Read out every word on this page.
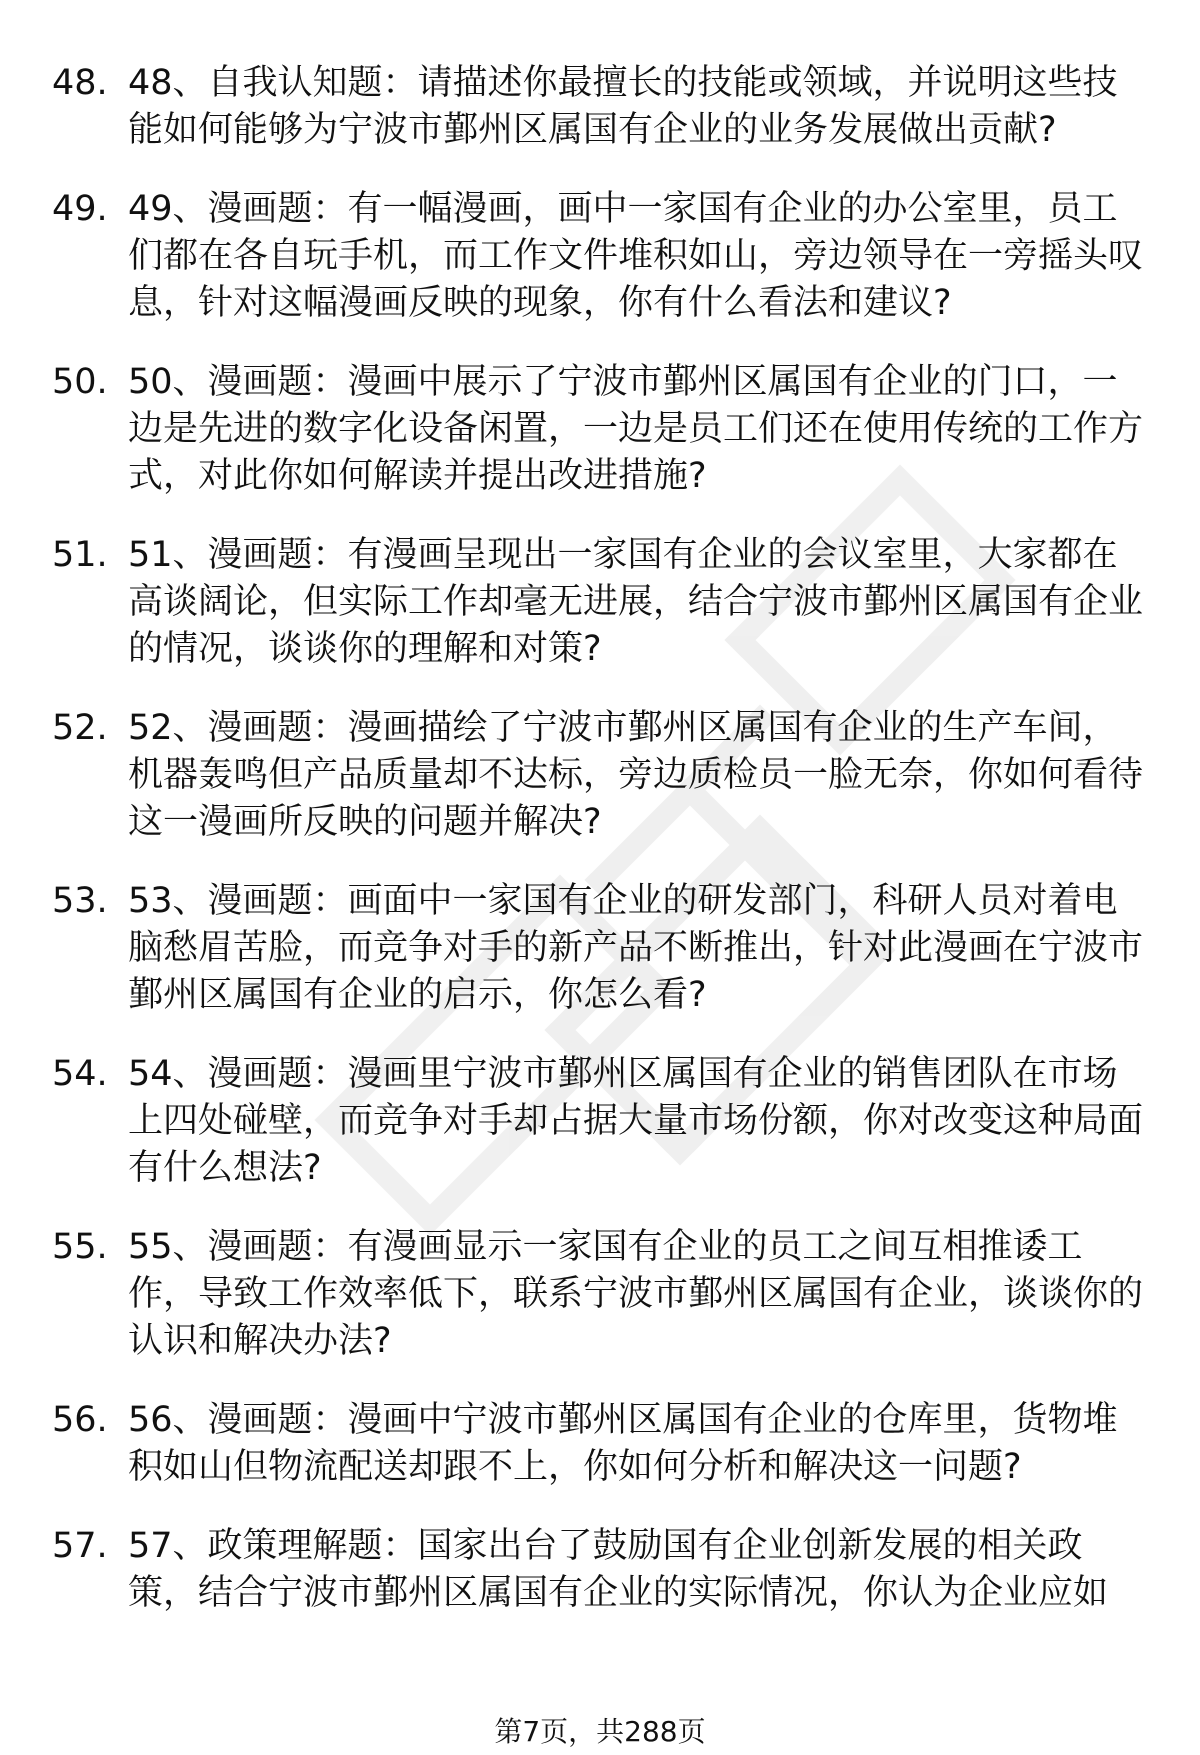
48. 48、自我认知题：请描述你最擅长的技能或领域，并说明这些技能如何能够为宁波市鄞州区属国有企业的业务发展做出贡献?
49. 49、漫画题：有一幅漫画，画中一家国有企业的办公室里，员工们都在各自玩手机，而工作文件堆积如山，旁边领导在一旁摇头叹息，针对这幅漫画反映的现象，你有什么看法和建议?
50. 50、漫画题：漫画中展示了宁波市鄞州区属国有企业的门口，一边是先进的数字化设备闲置，一边是员工们还在使用传统的工作方式，对此你如何解读并提出改进措施?
51. 51、漫画题：有漫画呈现出一家国有企业的会议室里，大家都在高谈阔论，但实际工作却毫无进展，结合宁波市鄞州区属国有企业的情况，谈谈你的理解和对策?
52. 52、漫画题：漫画描绘了宁波市鄞州区属国有企业的生产车间，机器轰鸣但产品质量却不达标，旁边质检员一脸无奈，你如何看待这一漫画所反映的问题并解决?
53. 53、漫画题：画面中一家国有企业的研发部门，科研人员对着电脑愁眉苦脸，而竞争对手的新产品不断推出，针对此漫画在宁波市鄞州区属国有企业的启示，你怎么看?
54. 54、漫画题：漫画里宁波市鄞州区属国有企业的销售团队在市场上四处碰壁，而竞争对手却占据大量市场份额，你对改变这种局面有什么想法?
55. 55、漫画题：有漫画显示一家国有企业的员工之间互相推诿工作，导致工作效率低下，联系宁波市鄞州区属国有企业，谈谈你的认识和解决办法?
56. 56、漫画题：漫画中宁波市鄞州区属国有企业的仓库里，货物堆积如山但物流配送却跟不上，你如何分析和解决这一问题?
57. 57、政策理解题：国家出台了鼓励国有企业创新发展的相关政策，结合宁波市鄞州区属国有企业的实际情况，你认为企业应如
第7页，共288页
